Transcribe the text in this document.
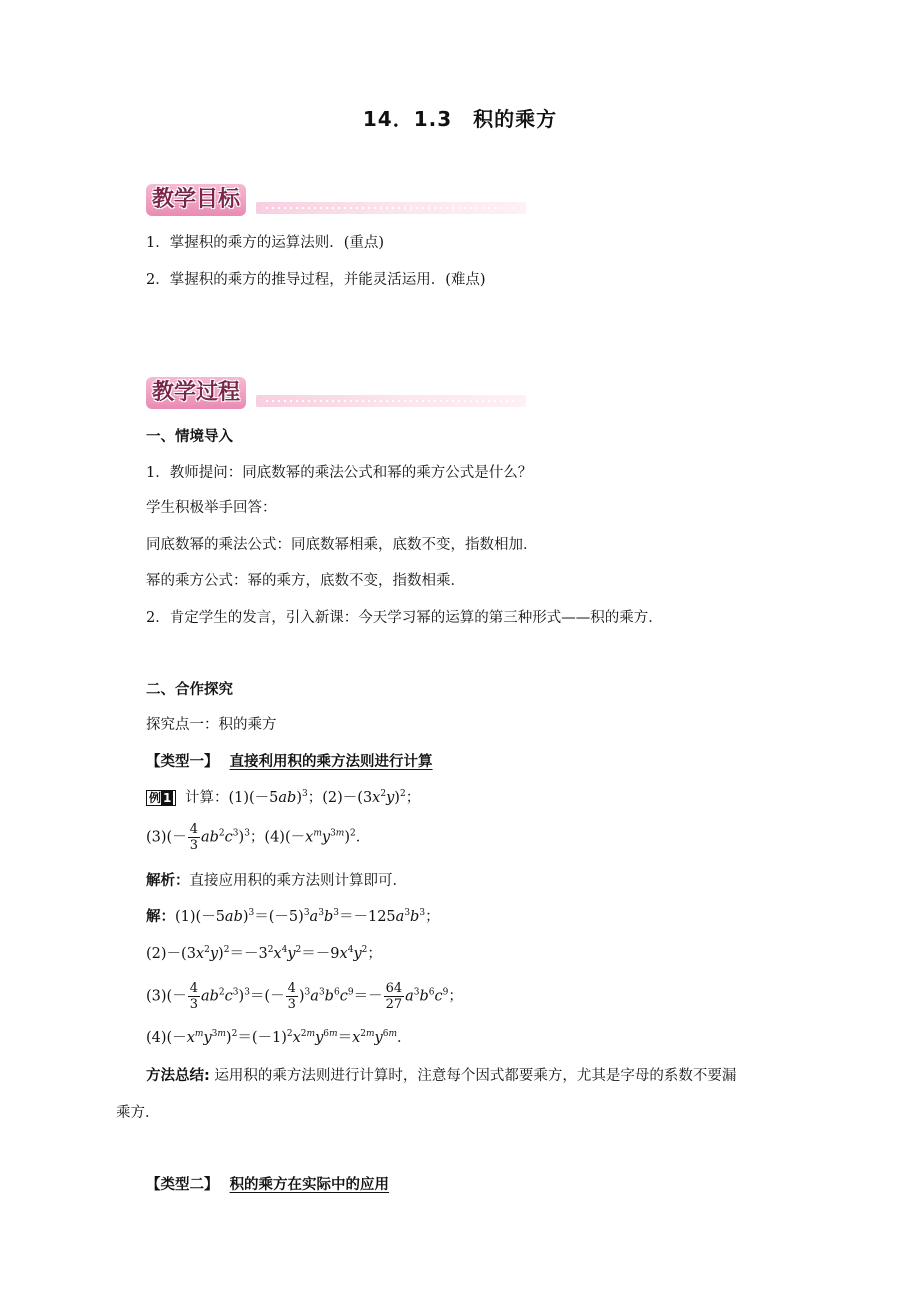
14．1.3　积的乘方
教学目标
1．掌握积的乘方的运算法则．(重点)
2．掌握积的乘方的推导过程，并能灵活运用．(难点)
教学过程
一、情境导入
1．教师提问：同底数幂的乘法公式和幂的乘方公式是什么？
学生积极举手回答：
同底数幂的乘法公式：同底数幂相乘，底数不变，指数相加．
幂的乘方公式：幂的乘方，底数不变，指数相乘．
2．肯定学生的发言，引入新课：今天学习幂的运算的第三种形式——积的乘方．
二、合作探究
探究点一：积的乘方
【类型一】 直接利用积的乘方法则进行计算
例 1 计算：$(1)(-5ab)^3$；$(2)-(3x^2y)^2$；
$(3)(- \frac{4}{3} ab^2c^3)^3$；$(4)(-x^my^{3m})^2$．
解析：直接应用积的乘方法则计算即可．
解：$(1)(-5ab)^3=(-5)^3a^3b^3=-125a^3b^3$；
$(2)-(3x^2y)^2=-3^2x^4y^2=-9x^4y^2$；
$(3)(- \frac{4}{3} ab^2c^3)^3=(- \frac{4}{3} )^3a^3b^6c^9=- \frac{64}{27} a^3b^6c^9$；
$(4)(-x^my^{3m})^2=(-1)^2x^{2m}y^{6m}=x^{2m}y^{6m}$．
方法总结: 运用积的乘方法则进行计算时，注意每个因式都要乘方，尤其是字母的系数不要漏
乘方．
【类型二】 积的乘方在实际中的应用
